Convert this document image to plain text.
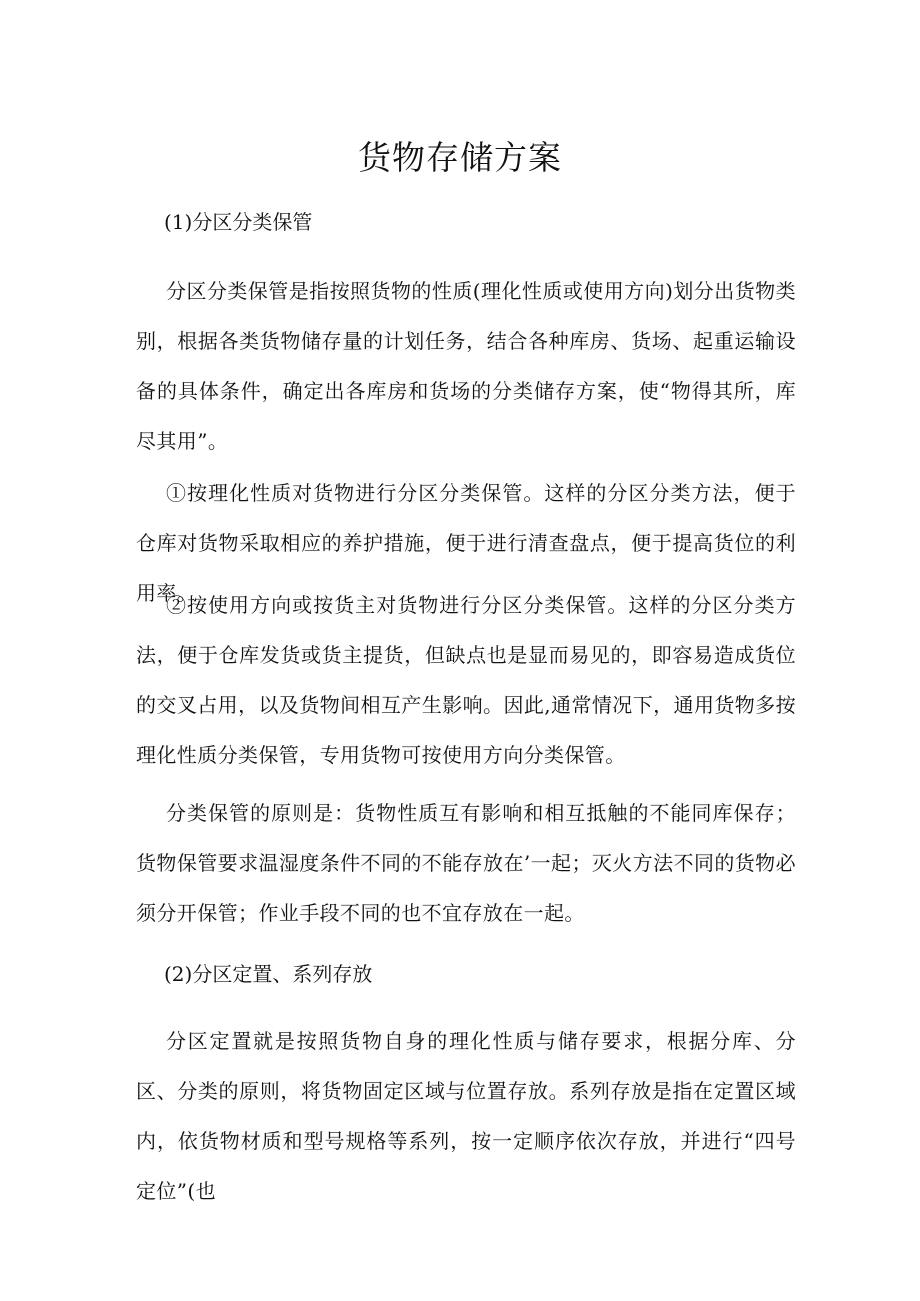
货物存储方案
(1)分区分类保管

分区分类保管是指按照货物的性质(理化性质或使用方向)划分出货物类别，根据各类货物储存量的计划任务，结合各种库房、货场、起重运输设备的具体条件，确定出各库房和货场的分类储存方案，使“物得其所，库尽其用”。

①按理化性质对货物进行分区分类保管。这样的分区分类方法，便于仓库对货物采取相应的养护措施，便于进行清查盘点，便于提高货位的利用率。

②按使用方向或按货主对货物进行分区分类保管。这样的分区分类方法，便于仓库发货或货主提货，但缺点也是显而易见的，即容易造成货位的交叉占用，以及货物间相互产生影响。因此,通常情况下，通用货物多按理化性质分类保管，专用货物可按使用方向分类保管。

分类保管的原则是：货物性质互有影响和相互抵触的不能同库保存；货物保管要求温湿度条件不同的不能存放在’一起；灭火方法不同的货物必须分开保管；作业手段不同的也不宜存放在一起。

(2)分区定置、系列存放

分区定置就是按照货物自身的理化性质与储存要求，根据分库、分区、分类的原则，将货物固定区域与位置存放。系列存放是指在定置区域内，依货物材质和型号规格等系列，按一定顺序依次存放，并进行“四号定位”(也
